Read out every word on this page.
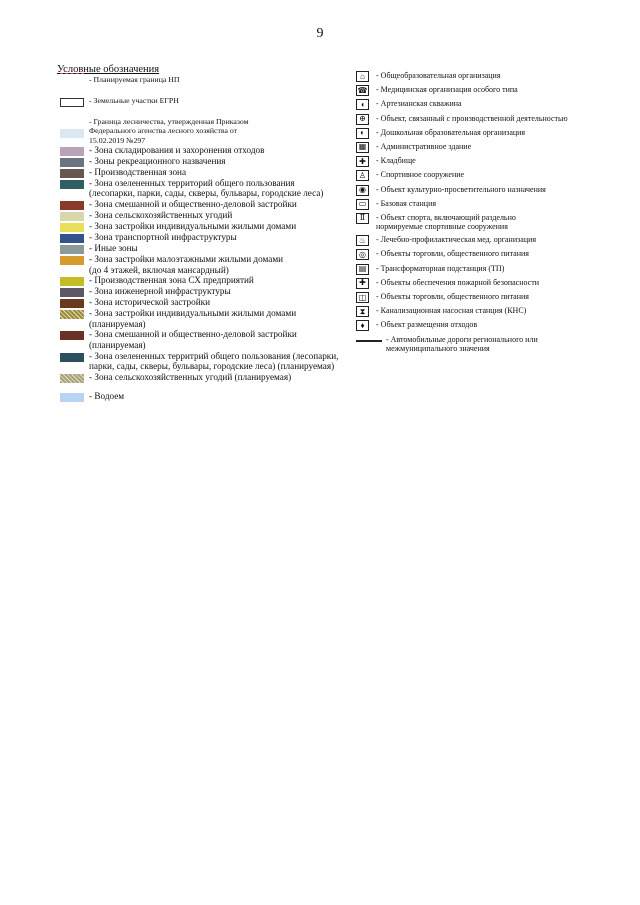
9
Условные обозначения
- Планируемая граница НП
- Земельные участки ЕГРН
- Граница лесничества, утвержденная Приказом
Федерального агенства лесного хозяйства от
15.02.2019 №297
- Зона складирования и захоронения отходов
- Зоны рекреационного назвачения
- Производственная зона
- Зона озелененных территорий общего пользования
(лесопарки, парки, сады, скверы, бульвары, городские леса)
- Зона смешанной и общественно-деловой застройки
- Зона сельскохозяйственных угодий
- Зона застройки индивидуальными жилыми домами
- Зона транспортной инфраструктуры
- Иные зоны
- Зона застройки малоэтажными жилыми домами
(до 4 этажей, включая мансардный)
- Производственная зона СХ предприятий
- Зона инженерной инфраструктуры
- Зона исторической застройки
- Зона застройки индивидуальными жилыми домами
(планируемая)
- Зона смешанной и общественно-деловой застройки
(планируемая)
- Зона озелененных территрий общего пользования (лесопарки,
парки, сады, скверы, бульвары, городские леса) (планируемая)
- Зона сельскохозяйственных угодий (планируемая)
- Водоем
⌂	- Общеобразовательная организация
☎ - Медицинская организация особого типа
◖	- Артезианская скважина
⊕	- Объект, связанный с производственной деятельностью
◐	- Дошкольная образовательная организация
▦	- Административное здание
✚	- Кладбище
♙	- Спортивное сооружение
◉	- Объект культурно-просветительного назначения
▭	- Базовая станция
Ⅱ	- Объект спорта, включающий раздельно
нормируемые спортивные сооружения
♨	- Лечебно-профилактическая мед. организация
◎	- Объекты торговли, общественного питания
▤	- Трансформаторная подстанция (ТП)
✚	- Объекты обеспечения пожарной безопасности
◫	- Объекты торговли, общественного питания
⧗	- Канализационная насосная станция (КНС)
♦	- Объект размещения отходов
- Автомобильные дороги регионального или
межмуниципального значения
